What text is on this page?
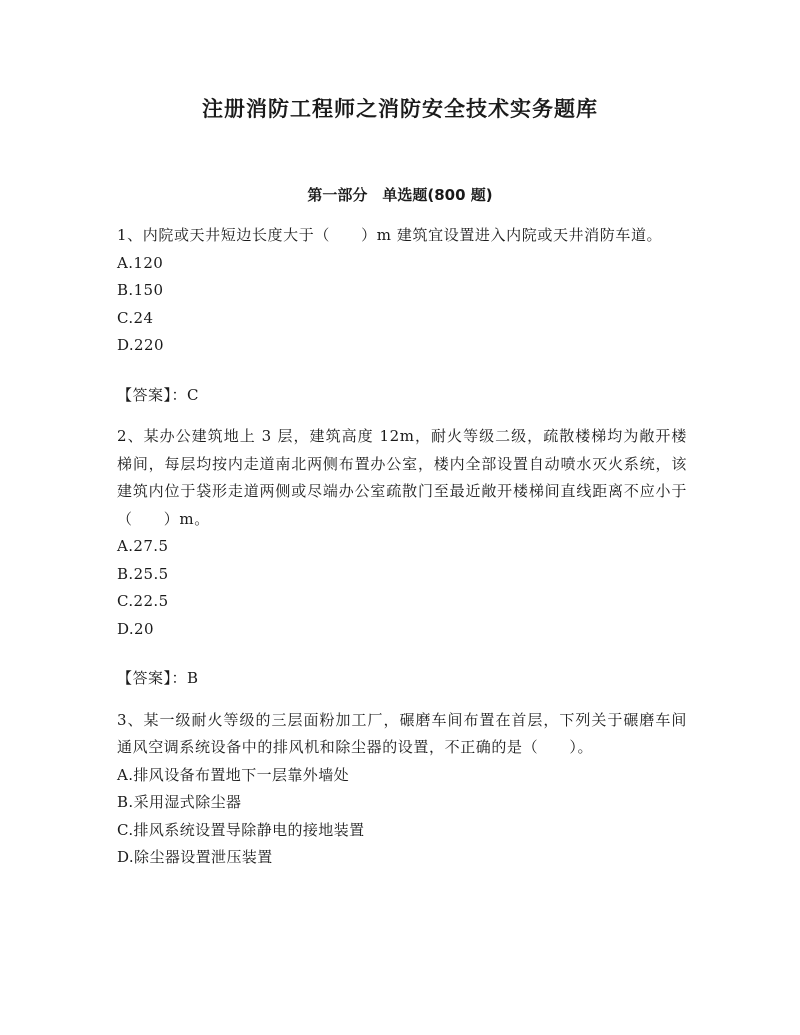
注册消防工程师之消防安全技术实务题库
第一部分　单选题(800 题)

1、内院或天井短边长度大于（　　）m 建筑宜设置进入内院或天井消防车道。

A.120
B.150
C.24
D.220

【答案】：C

2、某办公建筑地上 3 层，建筑高度 12m，耐火等级二级，疏散楼梯均为敞开楼梯间，每层均按内走道南北两侧布置办公室，楼内全部设置自动喷水灭火系统，该建筑内位于袋形走道两侧或尽端办公室疏散门至最近敞开楼梯间直线距离不应小于（　　）m。

A.27.5
B.25.5
C.22.5
D.20

【答案】：B

3、某一级耐火等级的三层面粉加工厂，碾磨车间布置在首层，下列关于碾磨车间通风空调系统设备中的排风机和除尘器的设置，不正确的是（　　）。

A.排风设备布置地下一层靠外墙处
B.采用湿式除尘器
C.排风系统设置导除静电的接地装置
D.除尘器设置泄压装置
